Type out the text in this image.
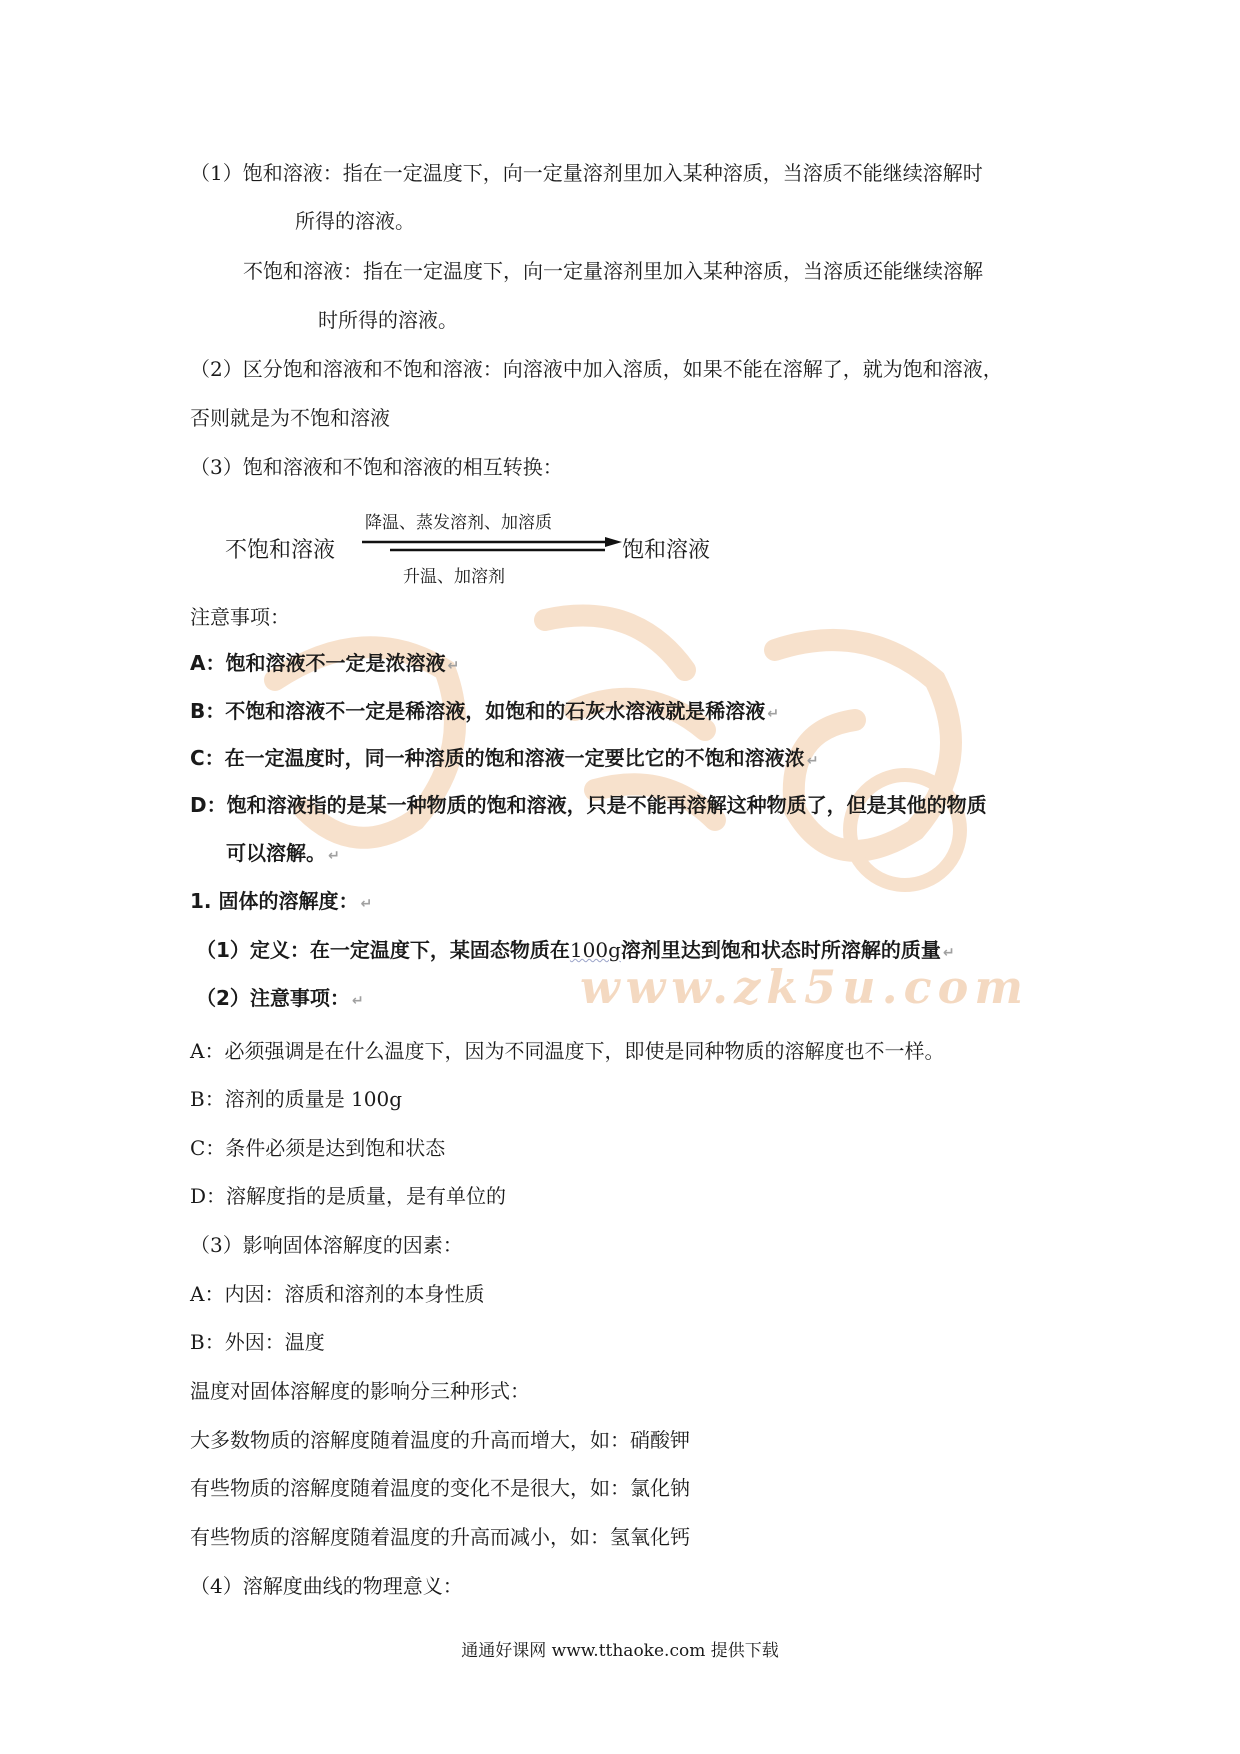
www.zk5u.com
（1）饱和溶液：指在一定温度下，向一定量溶剂里加入某种溶质，当溶质不能继续溶解时
所得的溶液。
不饱和溶液：指在一定温度下，向一定量溶剂里加入某种溶质，当溶质还能继续溶解
时所得的溶液。
（2）区分饱和溶液和不饱和溶液：向溶液中加入溶质，如果不能在溶解了，就为饱和溶液，
否则就是为不饱和溶液
（3）饱和溶液和不饱和溶液的相互转换：
不饱和溶液
降温、蒸发溶剂、加溶质
饱和溶液
升温、加溶剂
注意事项：
A：饱和溶液不一定是浓溶液 ↵
B：不饱和溶液不一定是稀溶液，如饱和的石灰水溶液就是稀溶液 ↵
C：在一定温度时，同一种溶质的饱和溶液一定要比它的不饱和溶液浓 ↵
D：饱和溶液指的是某一种物质的饱和溶液，只是不能再溶解这种物质了，但是其他的物质
可以溶解。 ↵
1. 固体的溶解度： ↵
（1）定义：在一定温度下，某固态物质在100g溶剂里达到饱和状态时所溶解的质量 ↵
（2）注意事项： ↵
A：必须强调是在什么温度下，因为不同温度下，即使是同种物质的溶解度也不一样。
B：溶剂的质量是 100g
C：条件必须是达到饱和状态
D：溶解度指的是质量，是有单位的
（3）影响固体溶解度的因素：
A：内因：溶质和溶剂的本身性质
B：外因：温度
温度对固体溶解度的影响分三种形式：
大多数物质的溶解度随着温度的升高而增大，如：硝酸钾
有些物质的溶解度随着温度的变化不是很大，如：氯化钠
有些物质的溶解度随着温度的升高而减小，如：氢氧化钙
（4）溶解度曲线的物理意义：
通通好课网 www.tthaoke.com 提供下载
